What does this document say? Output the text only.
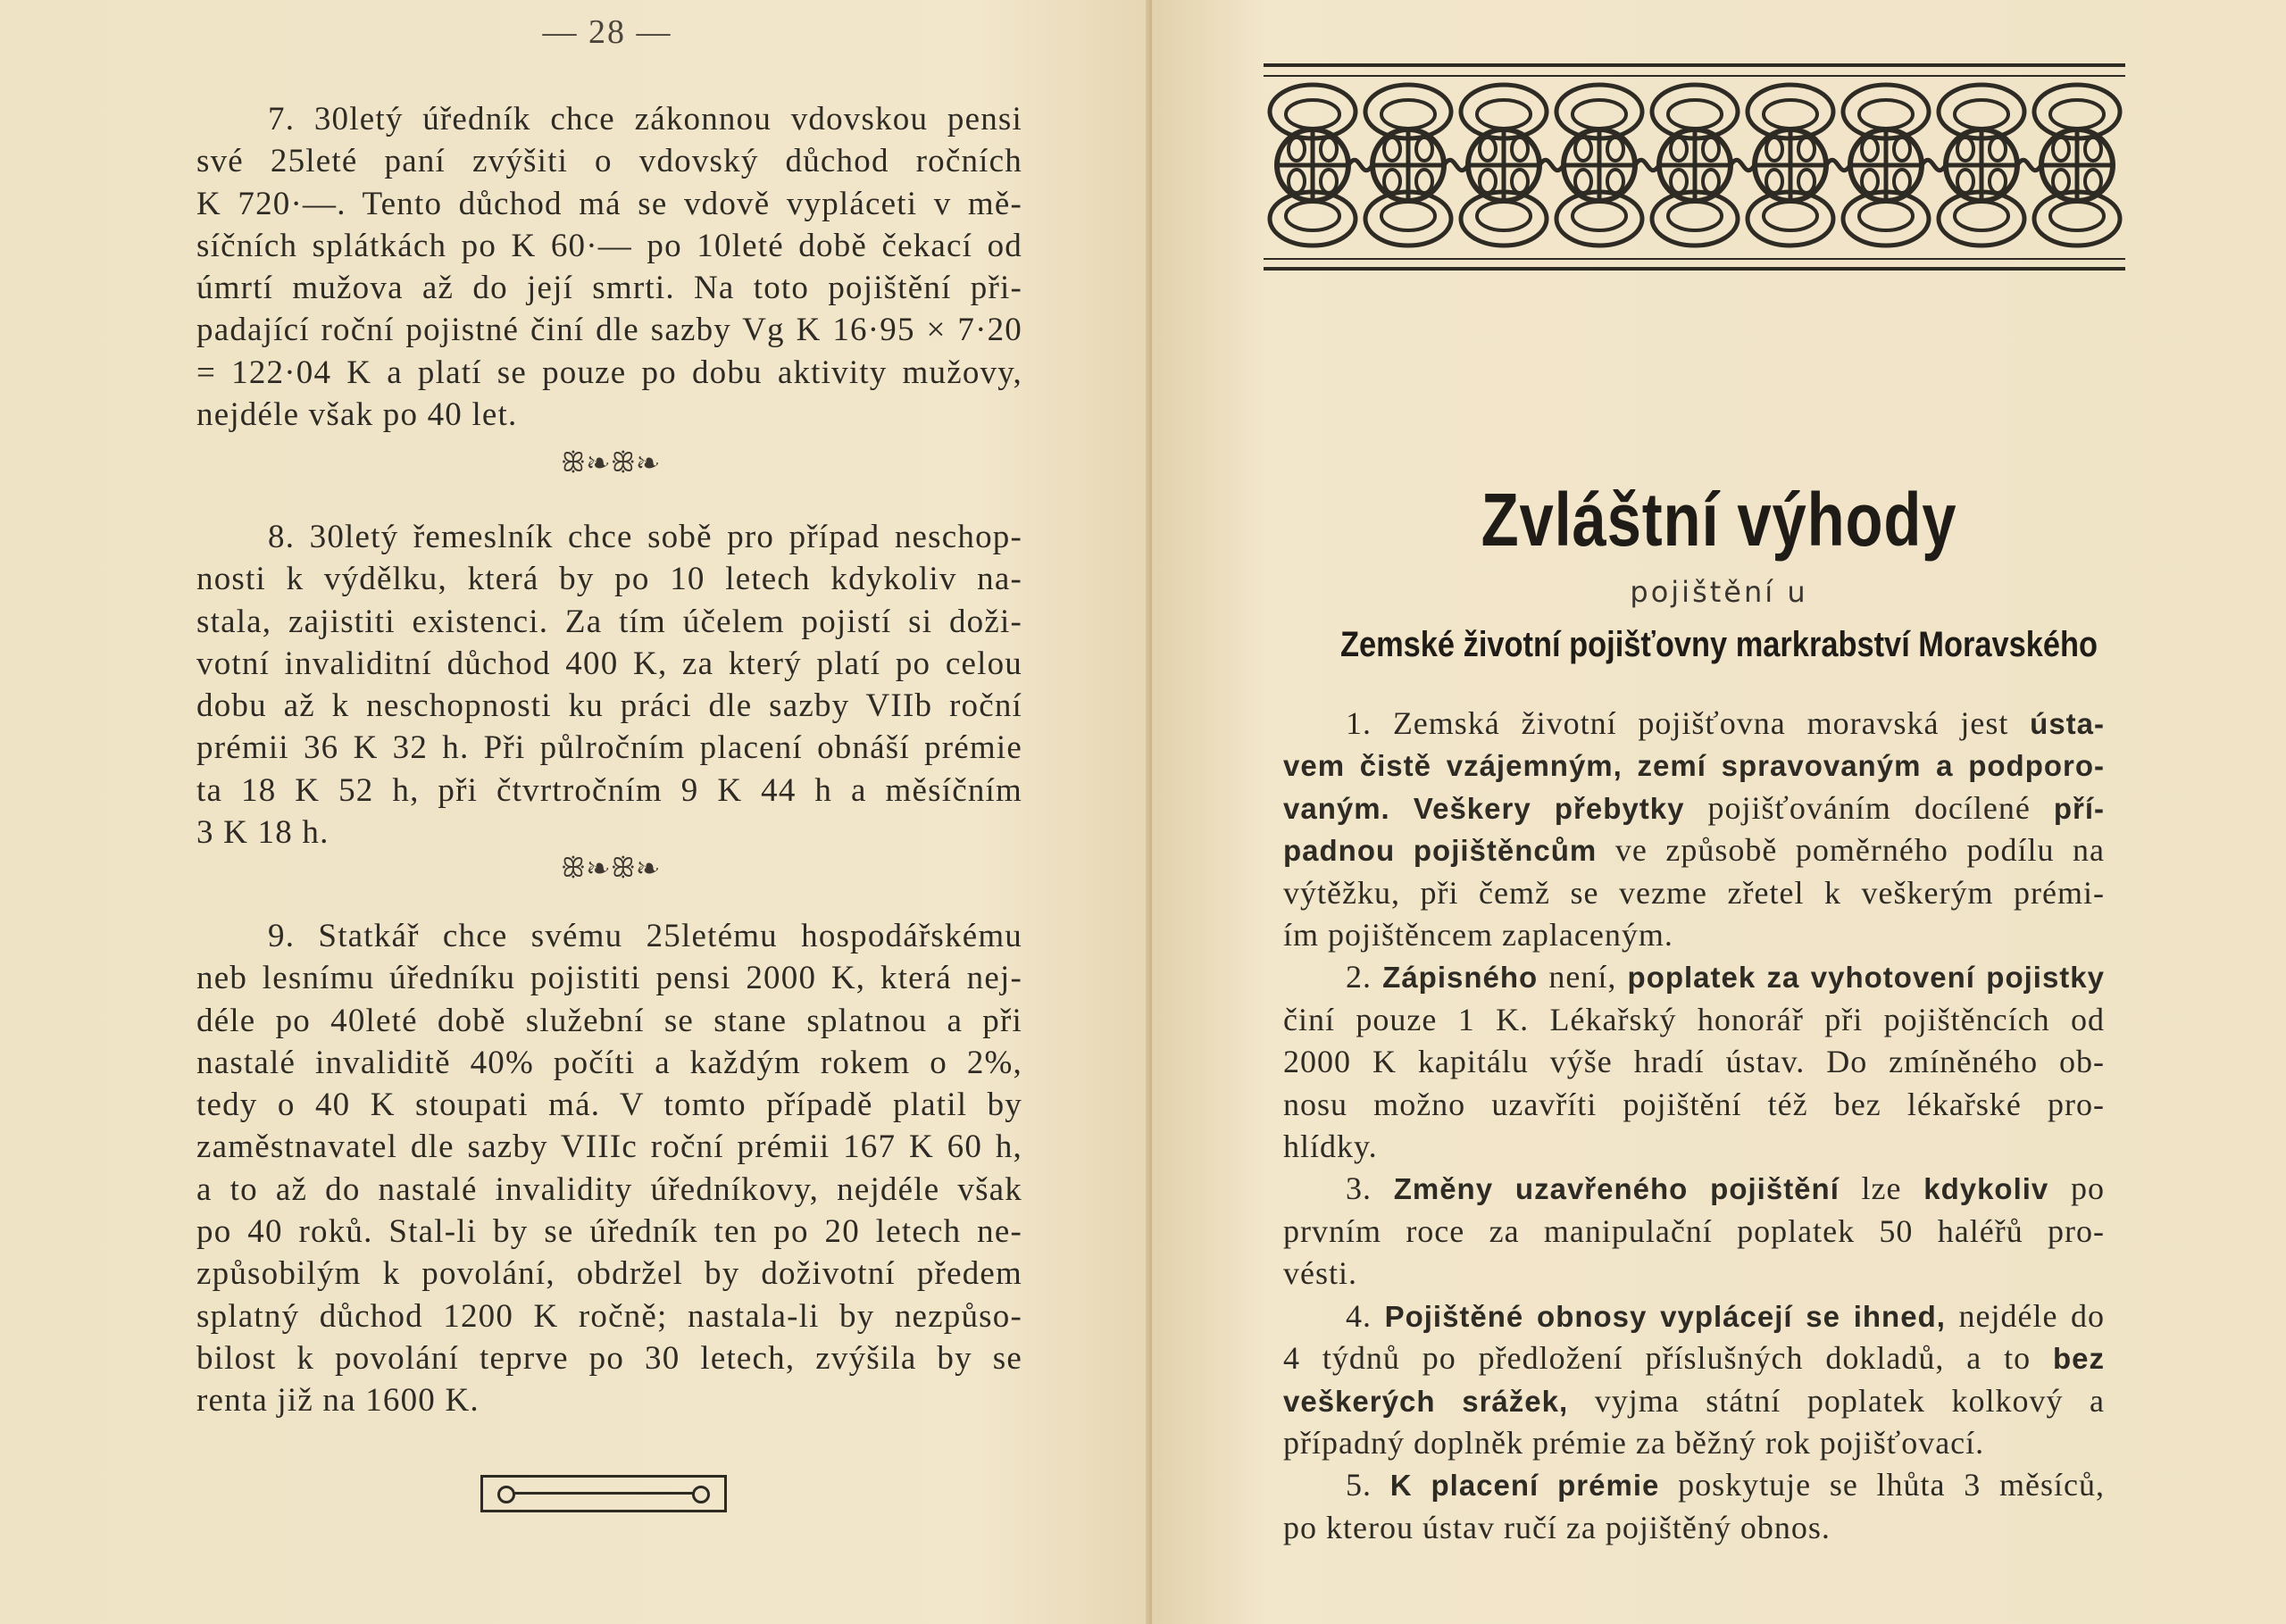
— 28 —
7. 30letý úředník chce zákonnou vdovskou pensi
své 25leté paní zvýšiti o vdovský důchod ročních
K 720·—. Tento důchod má se vdově vypláceti v mě-
síčních splátkách po K 60·— po 10leté době čekací od
úmrtí mužova až do její smrti. Na toto pojištění při-
padající roční pojistné činí dle sazby Vg K 16·95 × 7·20
= 122·04 K a platí se pouze po dobu aktivity mužovy,
nejdéle však po 40 let.
ꕥ❧ꕥ❧
8. 30letý řemeslník chce sobě pro případ neschop-
nosti k výdělku, která by po 10 letech kdykoliv na-
stala, zajistiti existenci. Za tím účelem pojistí si doži-
votní invaliditní důchod 400 K, za který platí po celou
dobu až k neschopnosti ku práci dle sazby VIIb roční
prémii 36 K 32 h. Při půlročním placení obnáší prémie
ta 18 K 52 h, při čtvrtročním 9 K 44 h a měsíčním
3 K 18 h.
ꕥ❧ꕥ❧
9. Statkář chce svému 25letému hospodářskému
neb lesnímu úředníku pojistiti pensi 2000 K, která nej-
déle po 40leté době služební se stane splatnou a při
nastalé invaliditě 40% počíti a každým rokem o 2%,
tedy o 40 K stoupati má. V tomto případě platil by
zaměstnavatel dle sazby VIIIc roční prémii 167 K 60 h,
a to až do nastalé invalidity úředníkovy, nejdéle však
po 40 roků. Stal-li by se úředník ten po 20 letech ne-
způsobilým k povolání, obdržel by doživotní předem
splatný důchod 1200 K ročně; nastala-li by nezpůso-
bilost k povolání teprve po 30 letech, zvýšila by se
renta již na 1600 K.
Zvláštní výhody
pojištění u
Zemské životní pojišťovny markrabství Moravského
1. Zemská životní pojišťovna moravská jest ústa-
vem čistě vzájemným, zemí spravovaným a podporo-
vaným. Veškery přebytky pojišťováním docílené pří-
padnou pojištěncům ve způsobě poměrného podílu na
výtěžku, při čemž se vezme zřetel k veškerým prémi-
ím pojištěncem zaplaceným.
2. Zápisného není, poplatek za vyhotovení pojistky
činí pouze 1 K. Lékařský honorář při pojištěncích od
2000 K kapitálu výše hradí ústav. Do zmíněného ob-
nosu možno uzavříti pojištění též bez lékařské pro-
hlídky.
3. Změny uzavřeného pojištění lze kdykoliv po
prvním roce za manipulační poplatek 50 haléřů pro-
vésti.
4. Pojištěné obnosy vyplácejí se ihned, nejdéle do
4 týdnů po předložení příslušných dokladů, a to bez
veškerých srážek, vyjma státní poplatek kolkový a
případný doplněk prémie za běžný rok pojišťovací.
5. K placení prémie poskytuje se lhůta 3 měsíců,
po kterou ústav ručí za pojištěný obnos.
